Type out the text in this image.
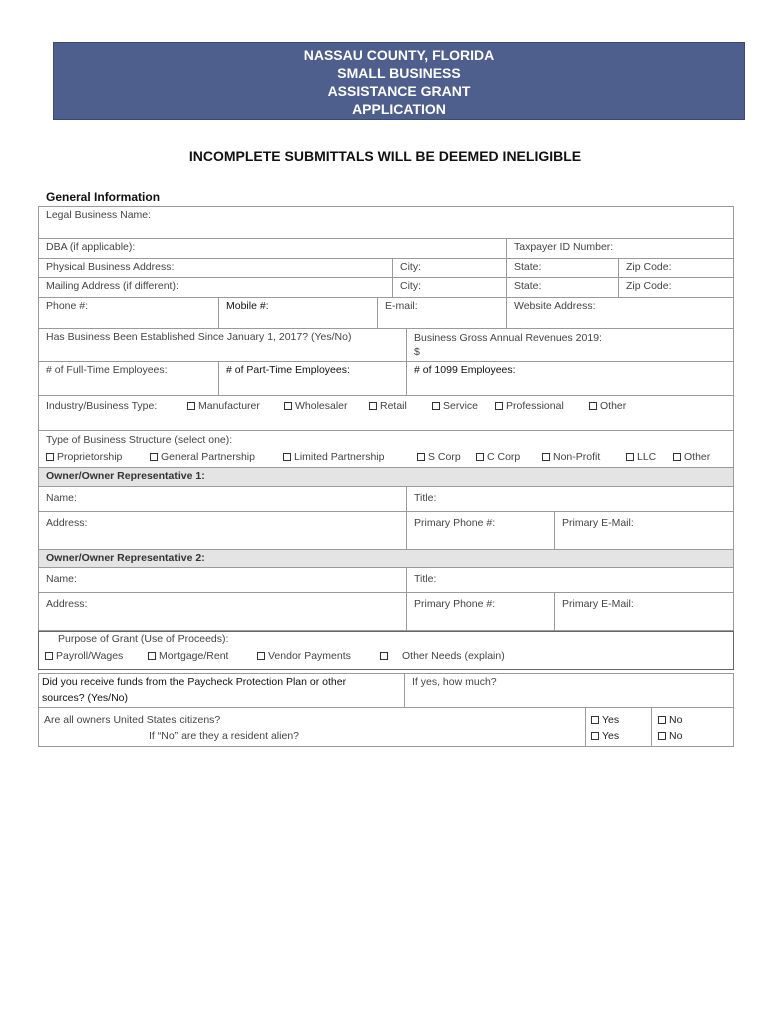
NASSAU COUNTY, FLORIDA
SMALL BUSINESS
ASSISTANCE GRANT
APPLICATION
INCOMPLETE SUBMITTALS WILL BE DEEMED INELIGIBLE
General Information
Legal Business Name:
DBA (if applicable):	Taxpayer ID Number:
Physical Business Address:	City:	State:	Zip Code:
Mailing Address (if different):	City:	State:	Zip Code:
Phone #:	Mobile #:	E-mail:	Website Address:
Has Business Been Established Since January 1, 2017? (Yes/No)	Business Gross Annual Revenues 2019:
$
# of Full-Time Employees:	# of Part-Time Employees:	# of 1099 Employees:
Industry/Business Type:	Manufacturer	Wholesaler	Retail	Service	Professional	Other
Type of Business Structure (select one):
Proprietorship	General Partnership	Limited Partnership	S Corp	C Corp	Non-Profit	LLC	Other
Owner/Owner Representative 1:
Name:	Title:
Address:	Primary Phone #:	Primary E-Mail:
Owner/Owner Representative 2:
Name:	Title:
Address:	Primary Phone #:	Primary E-Mail:
Purpose of Grant (Use of Proceeds):
Payroll/Wages	Mortgage/Rent	Vendor Payments	Other Needs (explain)
Did you receive funds from the Paycheck Protection Plan or other
sources? (Yes/No)
If yes, how much?
Are all owners United States citizens?
If “No” are they a resident alien?
Yes	No
Yes	No
